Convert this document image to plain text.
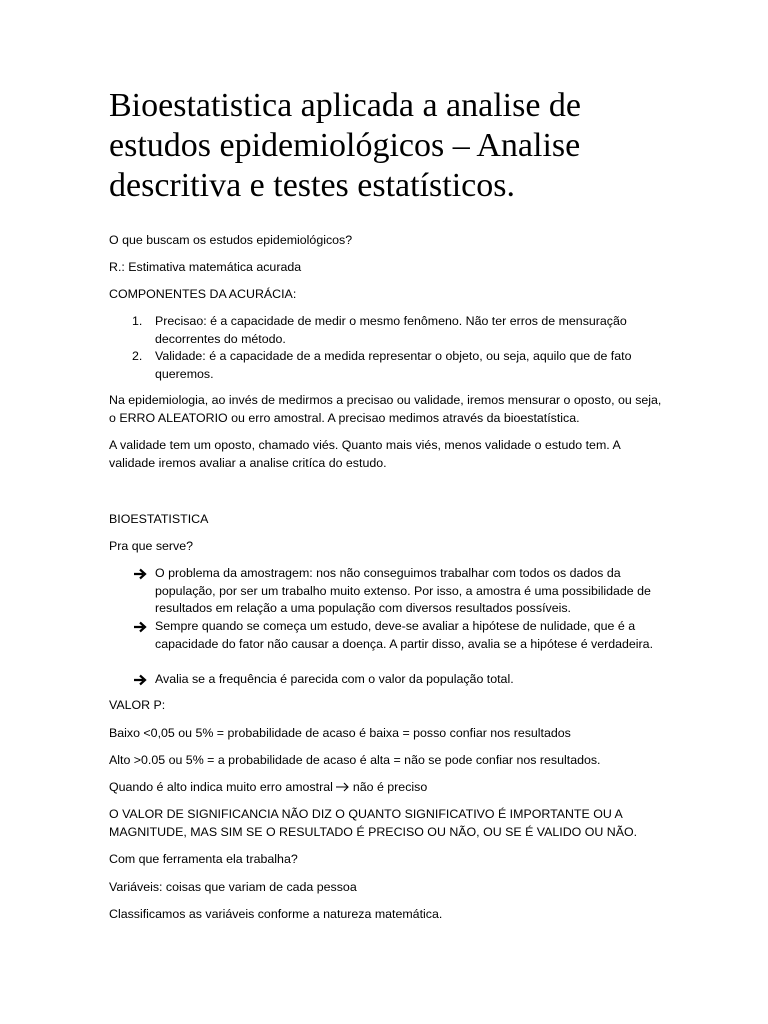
Bioestatistica aplicada a analise de estudos epidemiológicos – Analise descritiva e testes estatísticos.

O que buscam os estudos epidemiológicos?

R.: Estimativa matemática acurada

COMPONENTES DA ACURÁCIA:

1. Precisao: é a capacidade de medir o mesmo fenômeno. Não ter erros de mensuração decorrentes do método.

2. Validade: é a capacidade de a medida representar o objeto, ou seja, aquilo que de fato queremos.

Na epidemiologia, ao invés de medirmos a precisao ou validade, iremos mensurar o oposto, ou seja, o ERRO ALEATORIO ou erro amostral. A precisao medimos através da bioestatística.

A validade tem um oposto, chamado viés. Quanto mais viés, menos validade o estudo tem. A validade iremos avaliar a analise critíca do estudo.

BIOESTATISTICA

Pra que serve?

O problema da amostragem: nos não conseguimos trabalhar com todos os dados da população, por ser um trabalho muito extenso. Por isso, a amostra é uma possibilidade de resultados em relação a uma população com diversos resultados possíveis.

Sempre quando se começa um estudo, deve-se avaliar a hipótese de nulidade, que é a capacidade do fator não causar a doença. A partir disso, avalia se a hipótese é verdadeira.

Avalia se a frequência é parecida com o valor da população total.

VALOR P:

Baixo <0,05 ou 5% = probabilidade de acaso é baixa = posso confiar nos resultados

Alto >0.05 ou 5% = a probabilidade de acaso é alta = não se pode confiar nos resultados.

Quando é alto indica muito erro amostral não é preciso

O VALOR DE SIGNIFICANCIA NÃO DIZ O QUANTO SIGNIFICATIVO É IMPORTANTE OU A MAGNITUDE, MAS SIM SE O RESULTADO É PRECISO OU NÃO, OU SE É VALIDO OU NÃO.

Com que ferramenta ela trabalha?

Variáveis: coisas que variam de cada pessoa

Classificamos as variáveis conforme a natureza matemática.
